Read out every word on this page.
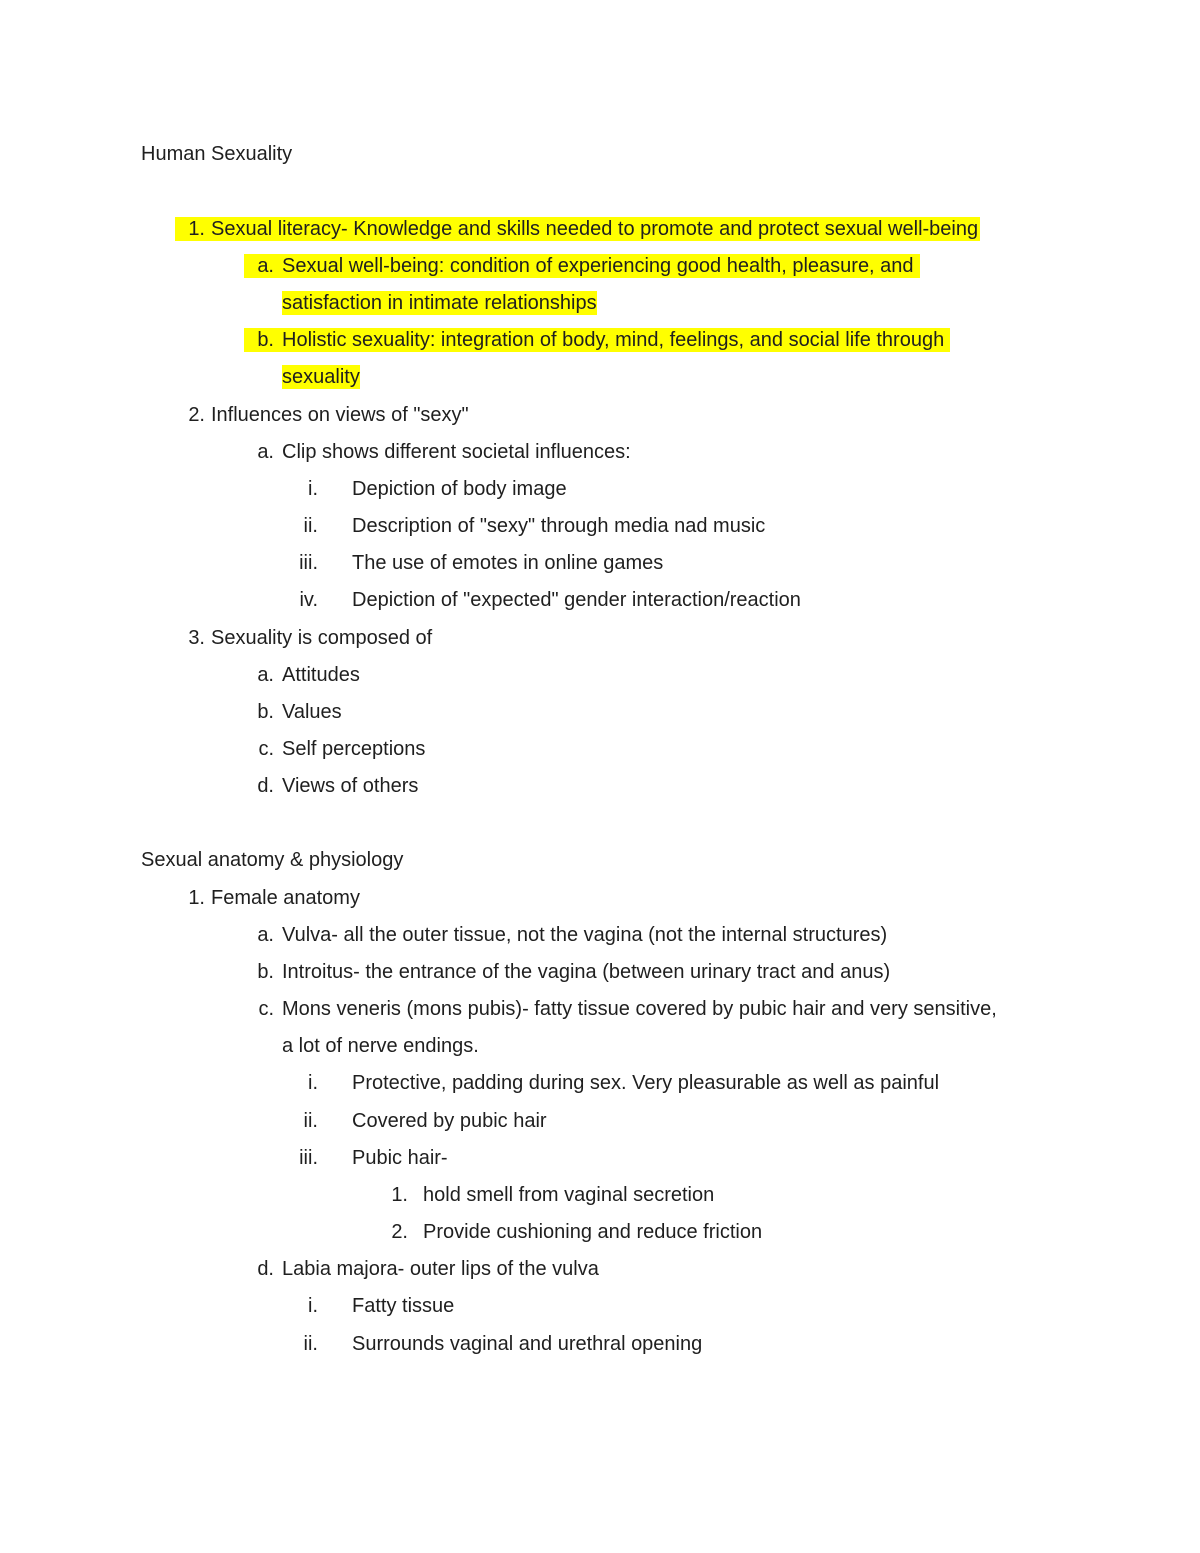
Human Sexuality
1. Sexual literacy- Knowledge and skills needed to promote and protect sexual well-being
a. Sexual well-being: condition of experiencing good health, pleasure, and
satisfaction in intimate relationships
b. Holistic sexuality: integration of body, mind, feelings, and social life through
sexuality
2. Influences on views of "sexy"
a. Clip shows different societal influences:
i. Depiction of body image
ii. Description of "sexy" through media nad music
iii. The use of emotes in online games
iv. Depiction of "expected" gender interaction/reaction
3. Sexuality is composed of
a. Attitudes
b. Values
c. Self perceptions
d. Views of others
Sexual anatomy & physiology
1. Female anatomy
a. Vulva- all the outer tissue, not the vagina (not the internal structures)
b. Introitus- the entrance of the vagina (between urinary tract and anus)
c. Mons veneris (mons pubis)- fatty tissue covered by pubic hair and very sensitive,
a lot of nerve endings.
i. Protective, padding during sex. Very pleasurable as well as painful
ii. Covered by pubic hair
iii. Pubic hair-
1. hold smell from vaginal secretion
2. Provide cushioning and reduce friction
d. Labia majora- outer lips of the vulva
i. Fatty tissue
ii. Surrounds vaginal and urethral opening
